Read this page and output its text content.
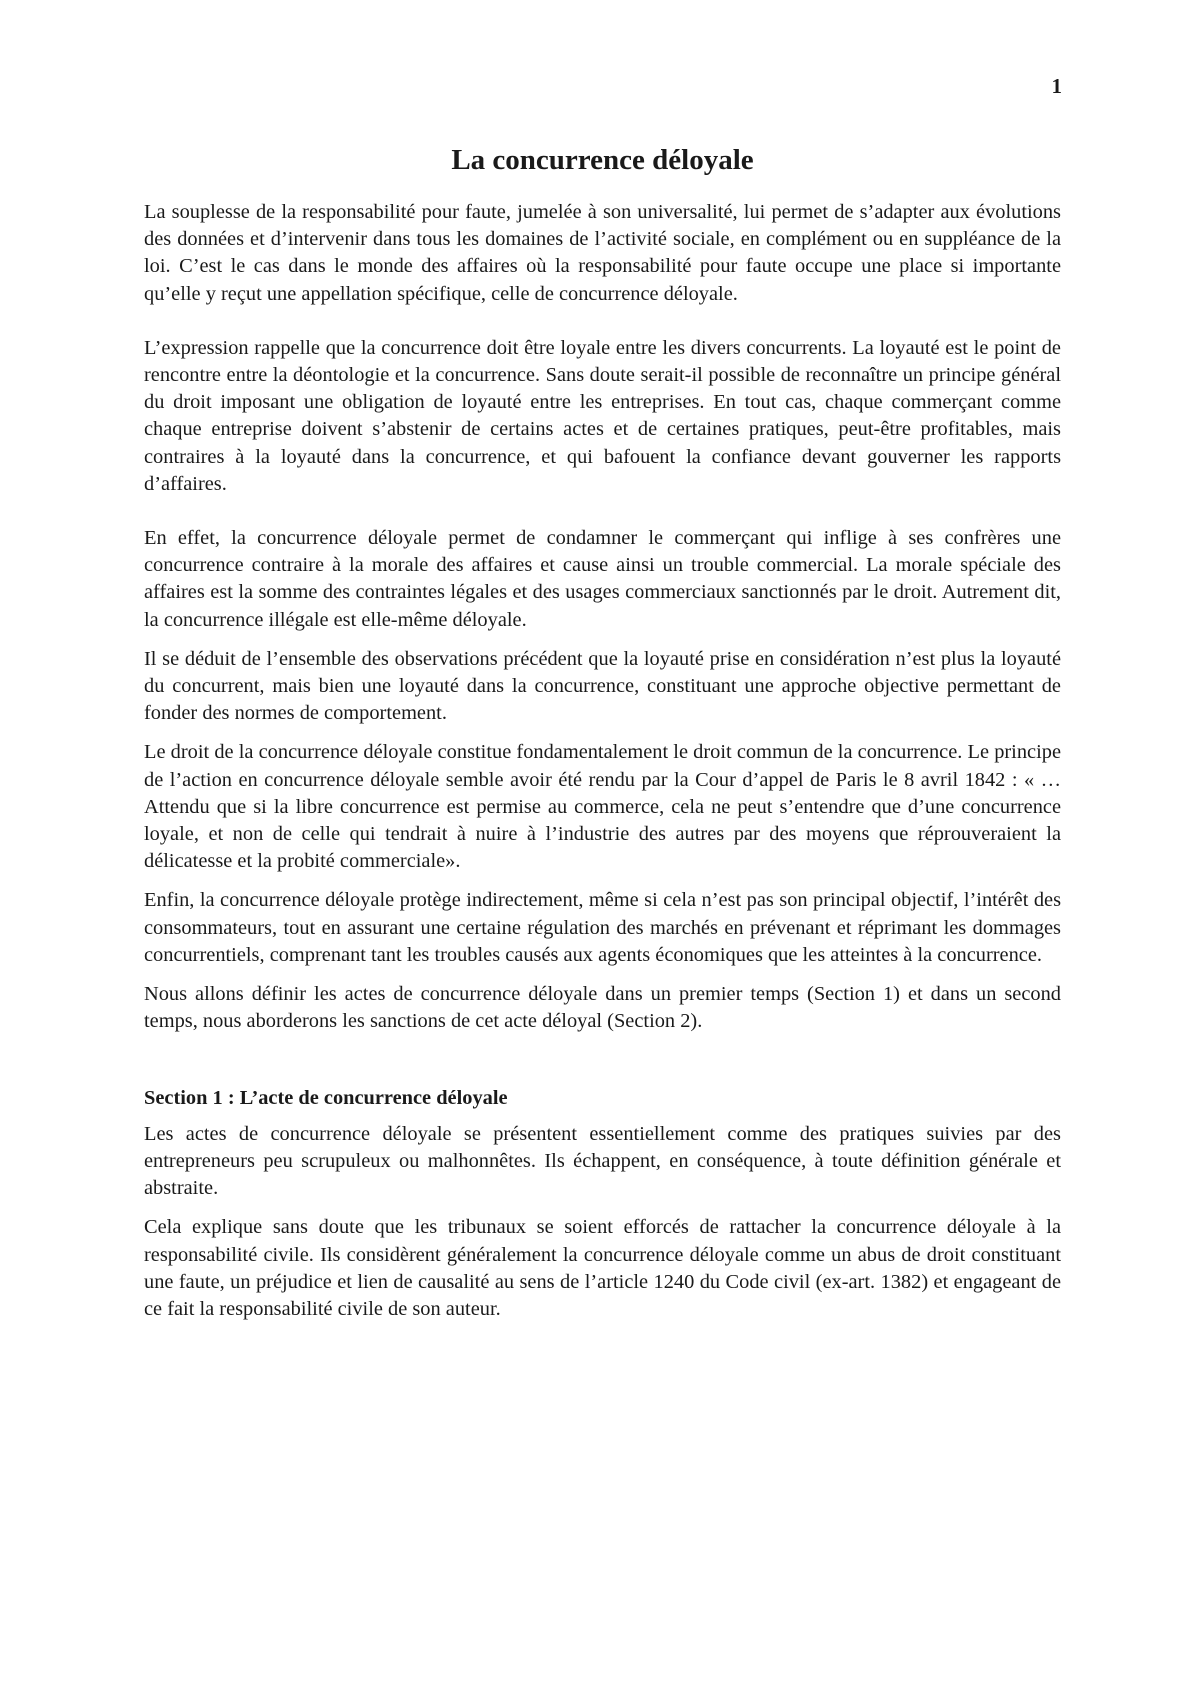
1
La concurrence déloyale

La souplesse de la responsabilité pour faute, jumelée à son universalité, lui permet de s’adapter aux évolutions des données et d’intervenir dans tous les domaines de l’activité sociale, en complément ou en suppléance de la loi. C’est le cas dans le monde des affaires où la responsabilité pour faute occupe une place si importante qu’elle y reçut une appellation spécifique, celle de concurrence déloyale.

L’expression rappelle que la concurrence doit être loyale entre les divers concurrents. La loyauté est le point de rencontre entre la déontologie et la concurrence. Sans doute serait-il possible de reconnaître un principe général du droit imposant une obligation de loyauté entre les entreprises. En tout cas, chaque commerçant comme chaque entreprise doivent s’abstenir de certains actes et de certaines pratiques, peut-être profitables, mais contraires à la loyauté dans la concurrence, et qui bafouent la confiance devant gouverner les rapports d’affaires.

En effet, la concurrence déloyale permet de condamner le commerçant qui inflige à ses confrères une concurrence contraire à la morale des affaires et cause ainsi un trouble commercial. La morale spéciale des affaires est la somme des contraintes légales et des usages commerciaux sanctionnés par le droit. Autrement dit, la concurrence illégale est elle-même déloyale.

Il se déduit de l’ensemble des observations précédent que la loyauté prise en considération n’est plus la loyauté du concurrent, mais bien une loyauté dans la concurrence, constituant une approche objective permettant de fonder des normes de comportement.

Le droit de la concurrence déloyale constitue fondamentalement le droit commun de la concurrence. Le principe de l’action en concurrence déloyale semble avoir été rendu par la Cour d’appel de Paris le 8 avril 1842 : « … Attendu que si la libre concurrence est permise au commerce, cela ne peut s’entendre que d’une concurrence loyale, et non de celle qui tendrait à nuire à l’industrie des autres par des moyens que réprouveraient la délicatesse et la probité commerciale».

Enfin, la concurrence déloyale protège indirectement, même si cela n’est pas son principal objectif, l’intérêt des consommateurs, tout en assurant une certaine régulation des marchés en prévenant et réprimant les dommages concurrentiels, comprenant tant les troubles causés aux agents économiques que les atteintes à la concurrence.

Nous allons définir les actes de concurrence déloyale dans un premier temps (Section 1) et dans un second temps, nous aborderons les sanctions de cet acte déloyal (Section 2).

Section 1 : L’acte de concurrence déloyale

Les actes de concurrence déloyale se présentent essentiellement comme des pratiques suivies par des entrepreneurs peu scrupuleux ou malhonnêtes. Ils échappent, en conséquence, à toute définition générale et abstraite.

Cela explique sans doute que les tribunaux se soient efforcés de rattacher la concurrence déloyale à la responsabilité civile. Ils considèrent généralement la concurrence déloyale comme un abus de droit constituant une faute, un préjudice et lien de causalité au sens de l’article 1240 du Code civil (ex-art. 1382) et engageant de ce fait la responsabilité civile de son auteur.
